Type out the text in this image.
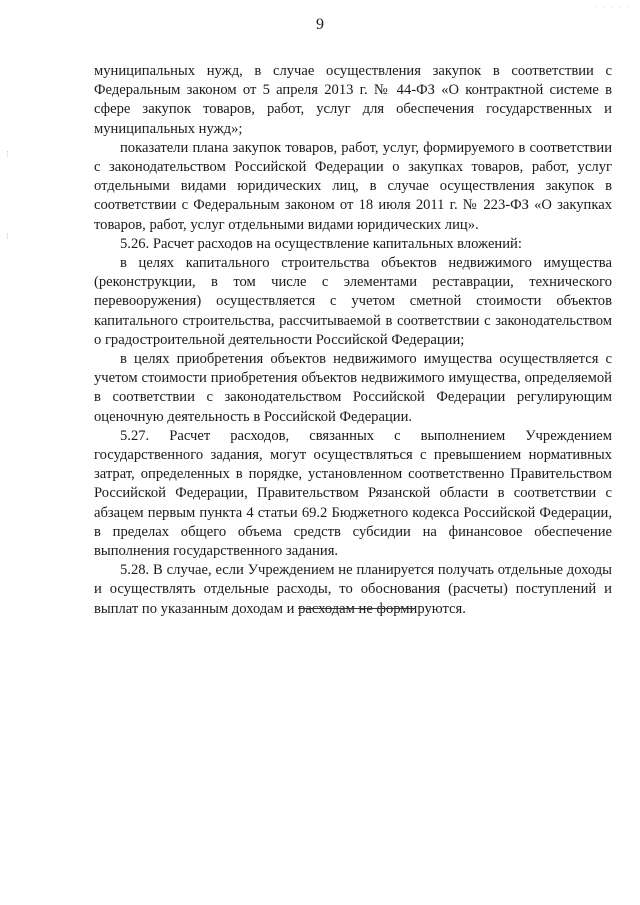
· · · · ·
⁝
⁝
9

муниципальных нужд, в случае осуществления закупок в соответствии с Федеральным законом от 5 апреля 2013 г. № 44-ФЗ «О контрактной системе в сфере закупок товаров, работ, услуг для обеспечения государственных и муниципальных нужд»;

показатели плана закупок товаров, работ, услуг, формируемого в соответствии с законодательством Российской Федерации о закупках товаров, работ, услуг отдельными видами юридических лиц, в случае осуществления закупок в соответствии с Федеральным законом от 18 июля 2011 г. № 223-ФЗ «О закупках товаров, работ, услуг отдельными видами юридических лиц».

5.26. Расчет расходов на осуществление капитальных вложений:

в целях капитального строительства объектов недвижимого имущества (реконструкции, в том числе с элементами реставрации, технического перевооружения) осуществляется с учетом сметной стоимости объектов капитального строительства, рассчитываемой в соответствии с законодательством о градостроительной деятельности Российской Федерации;

в целях приобретения объектов недвижимого имущества осуществляется с учетом стоимости приобретения объектов недвижимого имущества, определяемой в соответствии с законодательством Российской Федерации регулирующим оценочную деятельность в Российской Федерации.

5.27. Расчет расходов, связанных с выполнением Учреждением государственного задания, могут осуществляться с превышением нормативных затрат, определенных в порядке, установленном соответственно Правительством Российской Федерации, Правительством Рязанской области в соответствии с абзацем первым пункта 4 статьи 69.2 Бюджетного кодекса Российской Федерации, в пределах общего объема средств субсидии на финансовое обеспечение выполнения государственного задания.

5.28. В случае, если Учреждением не планируется получать отдельные доходы и осуществлять отдельные расходы, то обоснования (расчеты) поступлений и выплат по указанным доходам и расходам не формируются.
